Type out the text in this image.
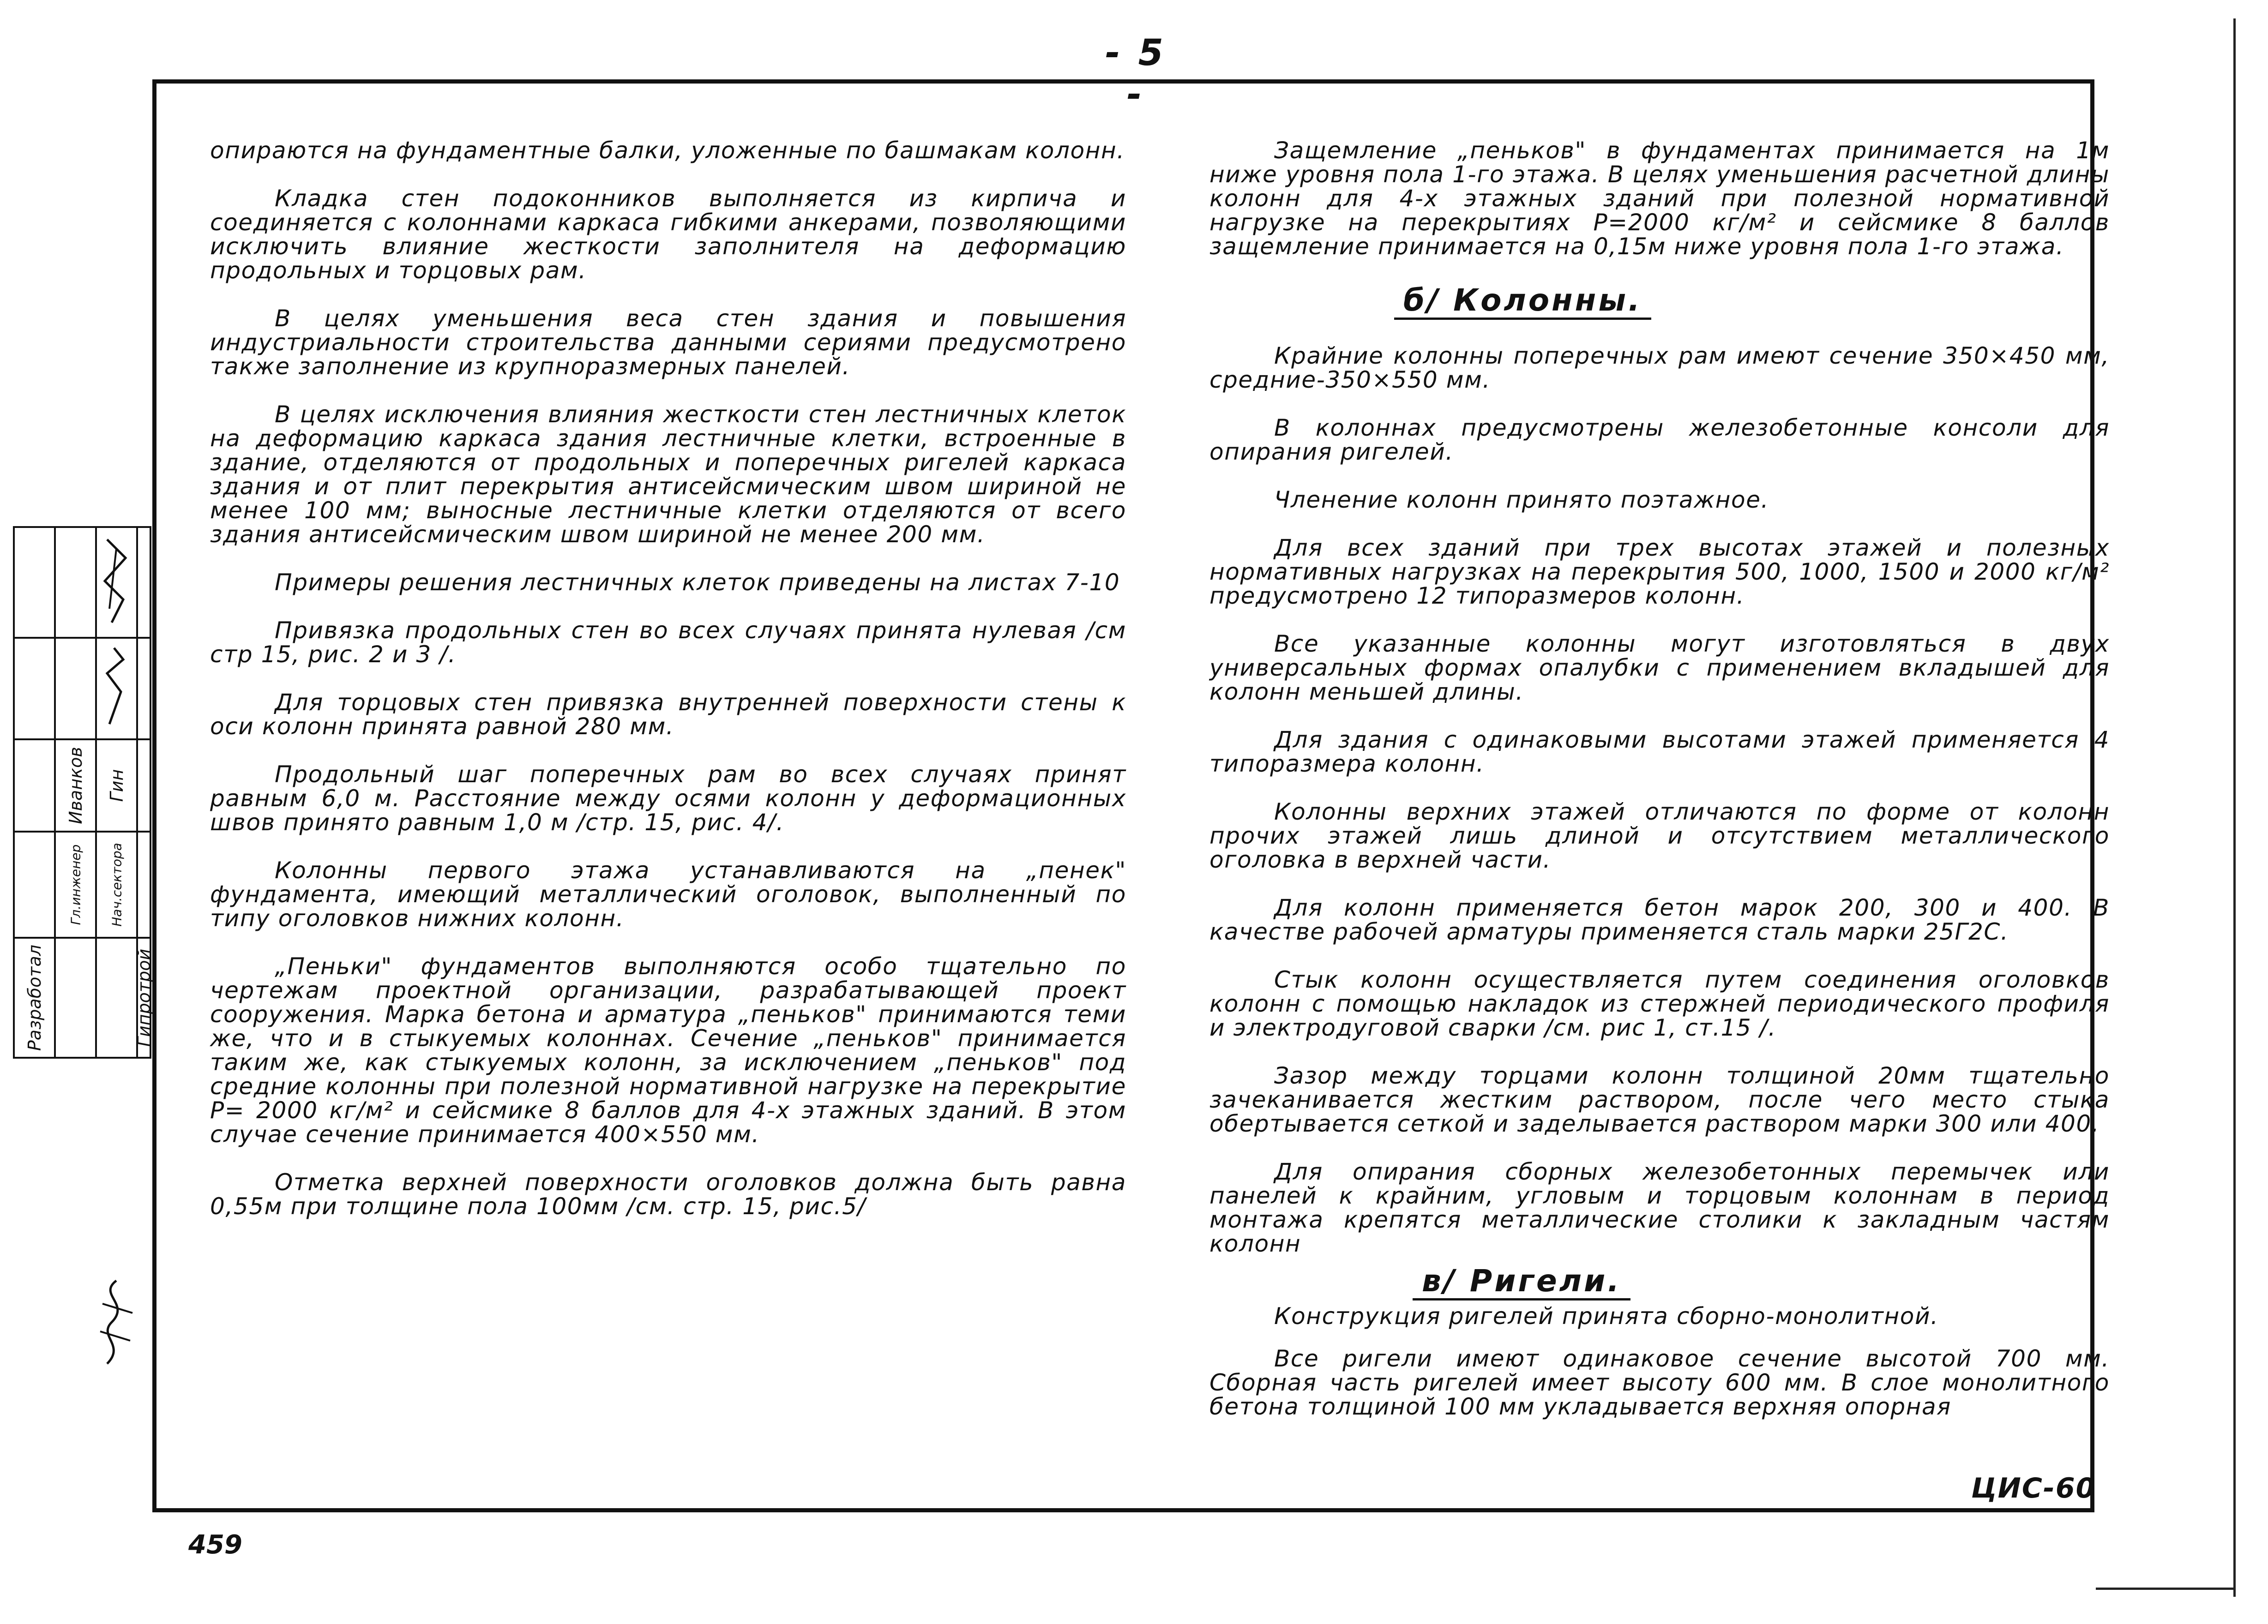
- 5 -

	Иванков	Гин	

	Гл.инженер	Нач.сектора	

Разработал			Гипротрой

опираются на фундаментные балки, уложенные по башмакам колонн.

Кладка стен подоконников выполняется из кирпича и соединяется с колоннами каркаса гибкими анкерами, позволяющими исключить влияние жесткости заполнителя на деформацию продольных и торцовых рам.

В целях уменьшения веса стен здания и повышения индустриальности строительства данными сериями предусмотрено также заполнение из крупноразмерных панелей.

В целях исключения влияния жесткости стен лестничных клеток на деформацию каркаса здания лестничные клетки, встроенные в здание, отделяются от продольных и поперечных ригелей каркаса здания и от плит перекрытия антисейсмическим швом шириной не менее 100 мм; выносные лестничные клетки отделяются от всего здания антисейсмическим швом шириной не менее 200 мм.

Примеры решения лестничных клеток приведены на листах 7-10

Привязка продольных стен во всех случаях принята нулевая /см стр 15, рис. 2 и 3 /.

Для торцовых стен привязка внутренней поверхности стены к оси колонн принята равной 280 мм.

Продольный шаг поперечных рам во всех случаях принят равным 6,0 м. Расстояние между осями колонн у деформационных швов принято равным 1,0 м /стр. 15, рис. 4/.

Колонны первого этажа устанавливаются на „пенек" фундамента, имеющий металлический оголовок, выполненный по типу оголовков нижних колонн.

„Пеньки" фундаментов выполняются особо тщательно по чертежам проектной организации, разрабатывающей проект сооружения. Марка бетона и арматура „пеньков" принимаются теми же, что и в стыкуемых колоннах. Сечение „пеньков" принимается таким же, как стыкуемых колонн, за исключением „пеньков" под средние колонны при полезной нормативной нагрузке на перекрытие P= 2000 кг/м² и сейсмике 8 баллов для 4-х этажных зданий. В этом случае сечение принимается 400×550 мм.

Отметка верхней поверхности оголовков должна быть равна 0,55м при толщине пола 100мм /см. стр. 15, рис.5/

Защемление „пеньков" в фундаментах принимается на 1м ниже уровня пола 1-го этажа. В целях уменьшения расчетной длины колонн для 4-х этажных зданий при полезной нормативной нагрузке на перекрытиях P=2000 кг/м² и сейсмике 8 баллов защемление принимается на 0,15м ниже уровня пола 1-го этажа.

б/ Колонны.

Крайние колонны поперечных рам имеют сечение 350×450 мм, средние-350×550 мм.

В колоннах предусмотрены железобетонные консоли для опирания ригелей.

Членение колонн принято поэтажное.

Для всех зданий при трех высотах этажей и полезных нормативных нагрузках на перекрытия 500, 1000, 1500 и 2000 кг/м² предусмотрено 12 типоразмеров колонн.

Все указанные колонны могут изготовляться в двух универсальных формах опалубки с применением вкладышей для колонн меньшей длины.

Для здания с одинаковыми высотами этажей применяется 4 типоразмера колонн.

Колонны верхних этажей отличаются по форме от колонн прочих этажей лишь длиной и отсутствием металлического оголовка в верхней части.

Для колонн применяется бетон марок 200, 300 и 400. В качестве рабочей арматуры применяется сталь марки 25Г2С.

Стык колонн осуществляется путем соединения оголовков колонн с помощью накладок из стержней периодического профиля и электродуговой сварки /см. рис 1, ст.15 /.

Зазор между торцами колонн толщиной 20мм тщательно зачеканивается жестким раствором, после чего место стыка обертывается сеткой и заделывается раствором марки 300 или 400.

Для опирания сборных железобетонных перемычек или панелей к крайним, угловым и торцовым колоннам в период монтажа крепятся металлические столики к закладным частям колонн

в/ Ригели.

Конструкция ригелей принята сборно-монолитной.

Все ригели имеют одинаковое сечение высотой 700 мм. Сборная часть ригелей имеет высоту 600 мм. В слое монолитного бетона толщиной 100 мм укладывается верхняя опорная

ЦИС-60
459
